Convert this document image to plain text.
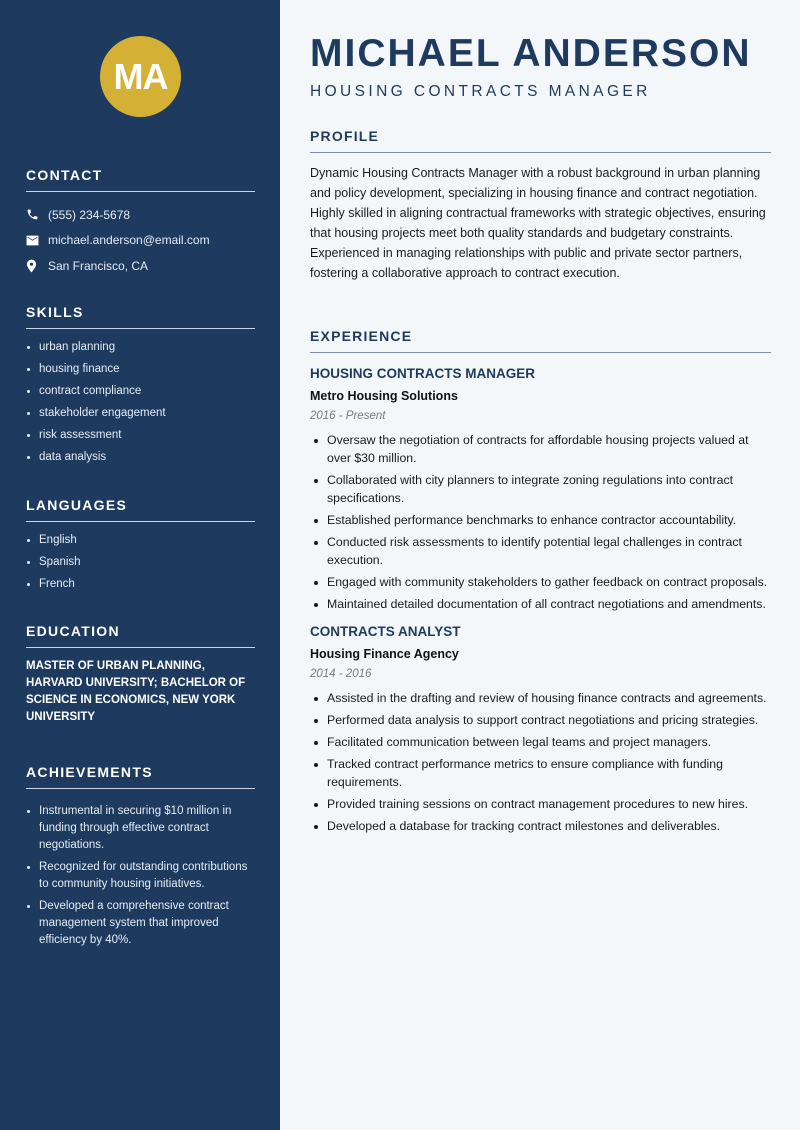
MA
CONTACT
(555) 234-5678
michael.anderson@email.com
San Francisco, CA
SKILLS
urban planning
housing finance
contract compliance
stakeholder engagement
risk assessment
data analysis
LANGUAGES
English
Spanish
French
EDUCATION

MASTER OF URBAN PLANNING, HARVARD UNIVERSITY; BACHELOR OF SCIENCE IN ECONOMICS, NEW YORK UNIVERSITY

ACHIEVEMENTS
Instrumental in securing $10 million in funding through effective contract negotiations.
Recognized for outstanding contributions to community housing initiatives.
Developed a comprehensive contract management system that improved efficiency by 40%.
MICHAEL ANDERSON
HOUSING CONTRACTS MANAGER
PROFILE

Dynamic Housing Contracts Manager with a robust background in urban planning and policy development, specializing in housing finance and contract negotiation. Highly skilled in aligning contractual frameworks with strategic objectives, ensuring that housing projects meet both quality standards and budgetary constraints. Experienced in managing relationships with public and private sector partners, fostering a collaborative approach to contract execution.

EXPERIENCE
HOUSING CONTRACTS MANAGER
Metro Housing Solutions
2016 - Present
Oversaw the negotiation of contracts for affordable housing projects valued at over $30 million.
Collaborated with city planners to integrate zoning regulations into contract specifications.
Established performance benchmarks to enhance contractor accountability.
Conducted risk assessments to identify potential legal challenges in contract execution.
Engaged with community stakeholders to gather feedback on contract proposals.
Maintained detailed documentation of all contract negotiations and amendments.
CONTRACTS ANALYST
Housing Finance Agency
2014 - 2016
Assisted in the drafting and review of housing finance contracts and agreements.
Performed data analysis to support contract negotiations and pricing strategies.
Facilitated communication between legal teams and project managers.
Tracked contract performance metrics to ensure compliance with funding requirements.
Provided training sessions on contract management procedures to new hires.
Developed a database for tracking contract milestones and deliverables.
